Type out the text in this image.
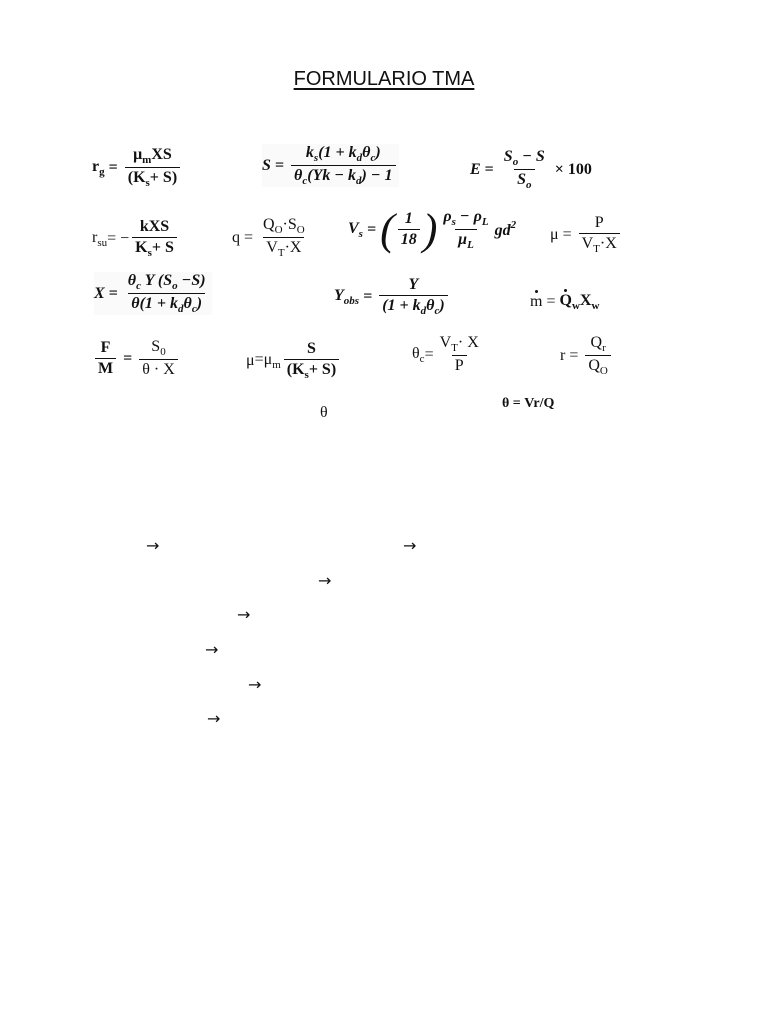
FORMULARIO TMA
$r_g = \frac{\mu_mXS}{(K_s+ S)}$	$S = \frac{k_s(1 + k_d\theta_c)}{\theta_c(Yk - k_d) - 1}$	$E = \frac{S_o - S}{S_o} \times 100$
$r_{su}$ = − $\frac{\text{kXS}}{K_s+ S}$	$q = \frac{Q_O\cdot S_O}{V_T\cdot X}$	$V_s$ = ( $\frac{1}{18}$ ) $\frac{\rho_s - \rho_L}{\mu_L} gd^2$
$\mu = \frac{P}{V_T\cdot X}$
$X = \frac{\theta_c Y (S_o -S)}{\theta(1 + k_d\theta_c)}$	$Y_{obs} = \frac{Y}{(1 + k_d\theta_c)}$	$m = Q_wX_w$
$\frac{F}{M} = \frac{S_0}{\theta \cdot X}$	$\mu =\mu_m \frac{S}{(K_s+ S)}$	$\theta_c = \frac{V_T\cdot X}{P}$	$r = \frac{Q_r}{Q_O}$
θ
θ = Vr/Q
→	→
→
→
→
→
→
